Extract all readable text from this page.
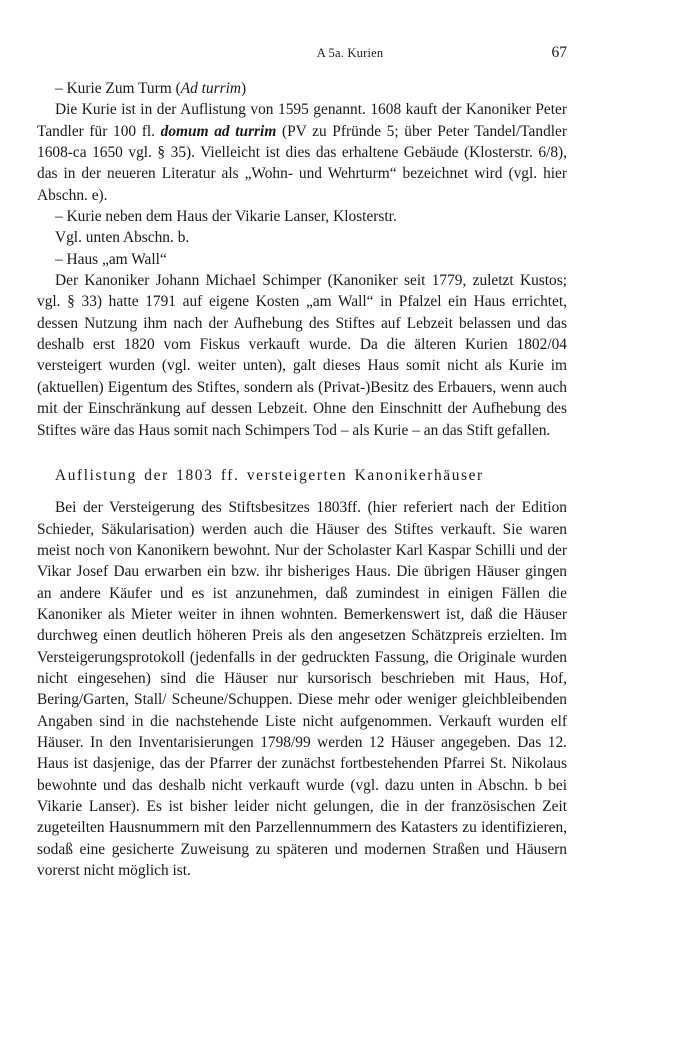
A 5a. Kurien	67

– Kurie Zum Turm (Ad turrim)

Die Kurie ist in der Auflistung von 1595 genannt. 1608 kauft der Kanoniker Peter Tandler für 100 fl. domum ad turrim (PV zu Pfründe 5; über Peter Tandel/Tandler 1608-ca 1650 vgl. § 35). Vielleicht ist dies das erhaltene Gebäude (Klosterstr. 6/8), das in der neueren Literatur als „Wohn- und Wehrturm“ bezeichnet wird (vgl. hier Abschn. e).

– Kurie neben dem Haus der Vikarie Lanser, Klosterstr.

Vgl. unten Abschn. b.

– Haus „am Wall“

Der Kanoniker Johann Michael Schimper (Kanoniker seit 1779, zuletzt Kustos; vgl. § 33) hatte 1791 auf eigene Kosten „am Wall“ in Pfalzel ein Haus errichtet, dessen Nutzung ihm nach der Aufhebung des Stiftes auf Lebzeit belassen und das deshalb erst 1820 vom Fiskus verkauft wurde. Da die älteren Kurien 1802/04 versteigert wurden (vgl. weiter unten), galt dieses Haus somit nicht als Kurie im (aktuellen) Eigentum des Stiftes, sondern als (Privat-)Besitz des Erbauers, wenn auch mit der Einschränkung auf dessen Lebzeit. Ohne den Einschnitt der Aufhebung des Stiftes wäre das Haus somit nach Schimpers Tod – als Kurie – an das Stift gefallen.

Auflistung der 1803 ff. versteigerten Kanonikerhäuser

Bei der Versteigerung des Stiftsbesitzes 1803ff. (hier referiert nach der Edition Schieder, Säkularisation) werden auch die Häuser des Stiftes verkauft. Sie waren meist noch von Kanonikern bewohnt. Nur der Scholaster Karl Kaspar Schilli und der Vikar Josef Dau erwarben ein bzw. ihr bisheriges Haus. Die übrigen Häuser gingen an andere Käufer und es ist anzunehmen, daß zumindest in einigen Fällen die Kanoniker als Mieter weiter in ihnen wohnten. Bemerkenswert ist, daß die Häuser durchweg einen deutlich höheren Preis als den angesetzen Schätzpreis erzielten. Im Versteigerungsprotokoll (jedenfalls in der gedruckten Fassung, die Originale wurden nicht eingesehen) sind die Häuser nur kursorisch beschrieben mit Haus, Hof, Bering/Garten, Stall/ Scheune/Schuppen. Diese mehr oder weniger gleichbleibenden Angaben sind in die nachstehende Liste nicht aufgenommen. Verkauft wurden elf Häuser. In den Inventarisierungen 1798/99 werden 12 Häuser angegeben. Das 12. Haus ist dasjenige, das der Pfarrer der zunächst fortbestehenden Pfarrei St. Nikolaus bewohnte und das deshalb nicht verkauft wurde (vgl. dazu unten in Abschn. b bei Vikarie Lanser). Es ist bisher leider nicht gelungen, die in der französischen Zeit zugeteilten Hausnummern mit den Parzellennummern des Katasters zu identifizieren, sodaß eine gesicherte Zuweisung zu späteren und modernen Straßen und Häusern vorerst nicht möglich ist.
